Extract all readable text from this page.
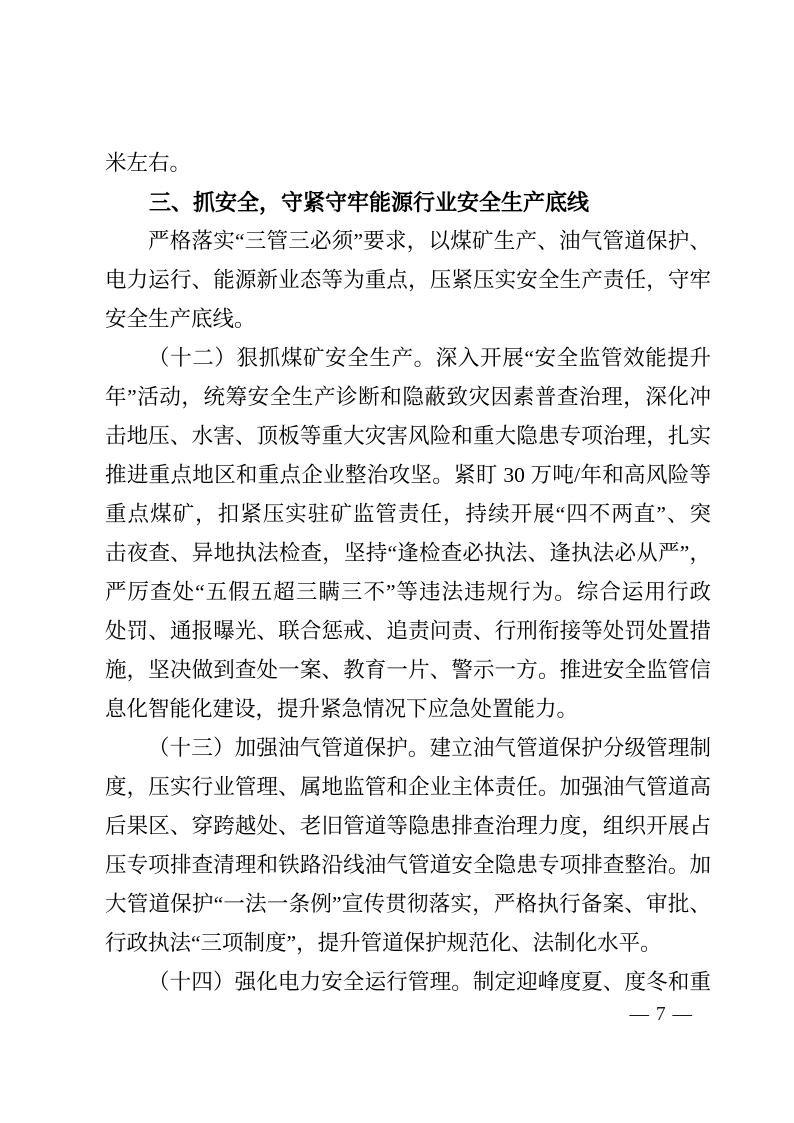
米左右。
三、抓安全，守紧守牢能源行业安全生产底线
严格落实“三管三必须”要求，以煤矿生产、油气管道保护、
电力运行、能源新业态等为重点，压紧压实安全生产责任，守牢
安全生产底线。
（十二）狠抓煤矿安全生产。深入开展“安全监管效能提升
年”活动，统筹安全生产诊断和隐蔽致灾因素普查治理，深化冲
击地压、水害、顶板等重大灾害风险和重大隐患专项治理，扎实
推进重点地区和重点企业整治攻坚。紧盯 30 万吨/年和高风险等
重点煤矿，扣紧压实驻矿监管责任，持续开展“四不两直”、突
击夜查、异地执法检查，坚持“逢检查必执法、逢执法必从严”，
严厉查处“五假五超三瞒三不”等违法违规行为。综合运用行政
处罚、通报曝光、联合惩戒、追责问责、行刑衔接等处罚处置措
施，坚决做到查处一案、教育一片、警示一方。推进安全监管信
息化智能化建设，提升紧急情况下应急处置能力。
（十三）加强油气管道保护。建立油气管道保护分级管理制
度，压实行业管理、属地监管和企业主体责任。加强油气管道高
后果区、穿跨越处、老旧管道等隐患排查治理力度，组织开展占
压专项排查清理和铁路沿线油气管道安全隐患专项排查整治。加
大管道保护“一法一条例”宣传贯彻落实，严格执行备案、审批、
行政执法“三项制度”，提升管道保护规范化、法制化水平。
（十四）强化电力安全运行管理。制定迎峰度夏、度冬和重
— 7 —
